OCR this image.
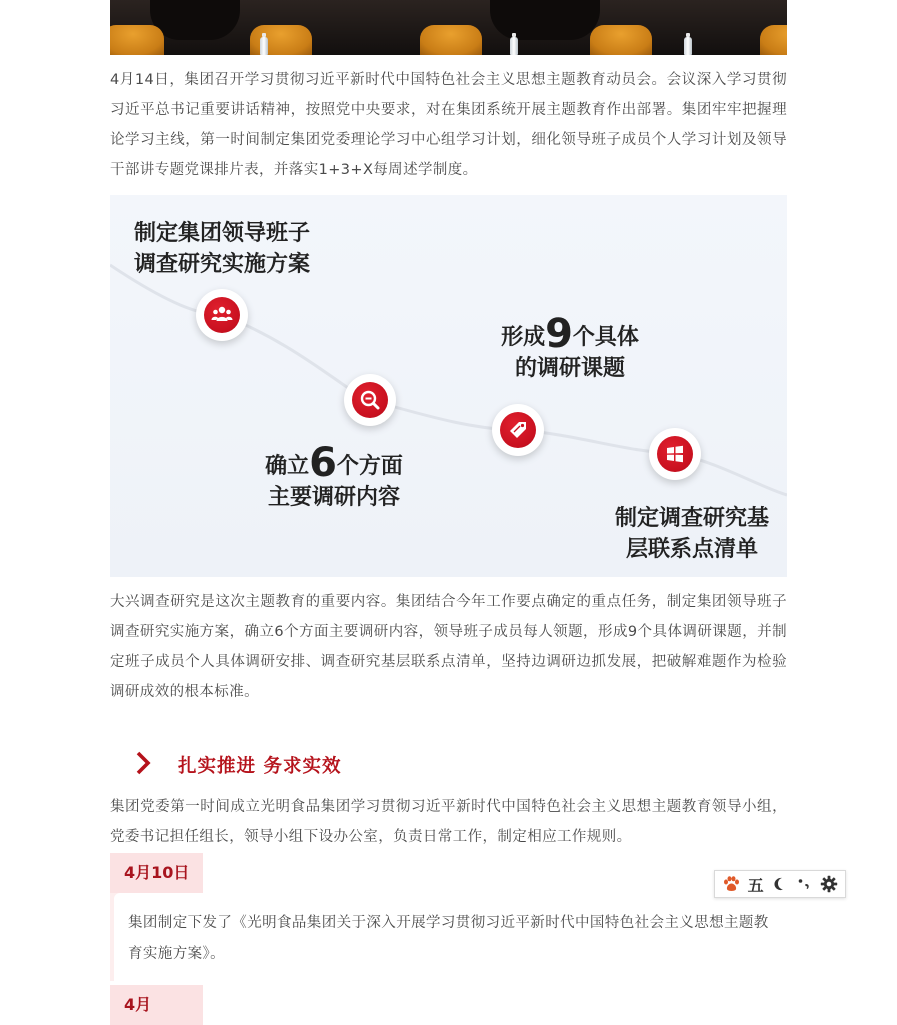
4月14日，集团召开学习贯彻习近平新时代中国特色社会主义思想主题教育动员会。会议深入学习贯彻习近平总书记重要讲话精神，按照党中央要求，对在集团系统开展主题教育作出部署。集团牢牢把握理论学习主线，第一时间制定集团党委理论学习中心组学习计划，细化领导班子成员个人学习计划及领导干部讲专题党课排片表，并落实1+3+X每周述学制度。

制定集团领导班子
调查研究实施方案
确立6个方面
主要调研内容
形成9个具体
的调研课题
制定调查研究基
层联系点清单

大兴调查研究是这次主题教育的重要内容。集团结合今年工作要点确定的重点任务，制定集团领导班子调查研究实施方案，确立6个方面主要调研内容，领导班子成员每人领题，形成9个具体调研课题，并制定班子成员个人具体调研安排、调查研究基层联系点清单，坚持边调研边抓发展，把破解难题作为检验调研成效的根本标准。

扎实推进 务求实效

集团党委第一时间成立光明食品集团学习贯彻习近平新时代中国特色社会主义思想主题教育领导小组，党委书记担任组长，领导小组下设办公室，负责日常工作，制定相应工作规则。

4月10日
集团制定下发了《光明食品集团关于深入开展学习贯彻习近平新时代中国特色社会主义思想主题教育实施方案》。
4月
五
